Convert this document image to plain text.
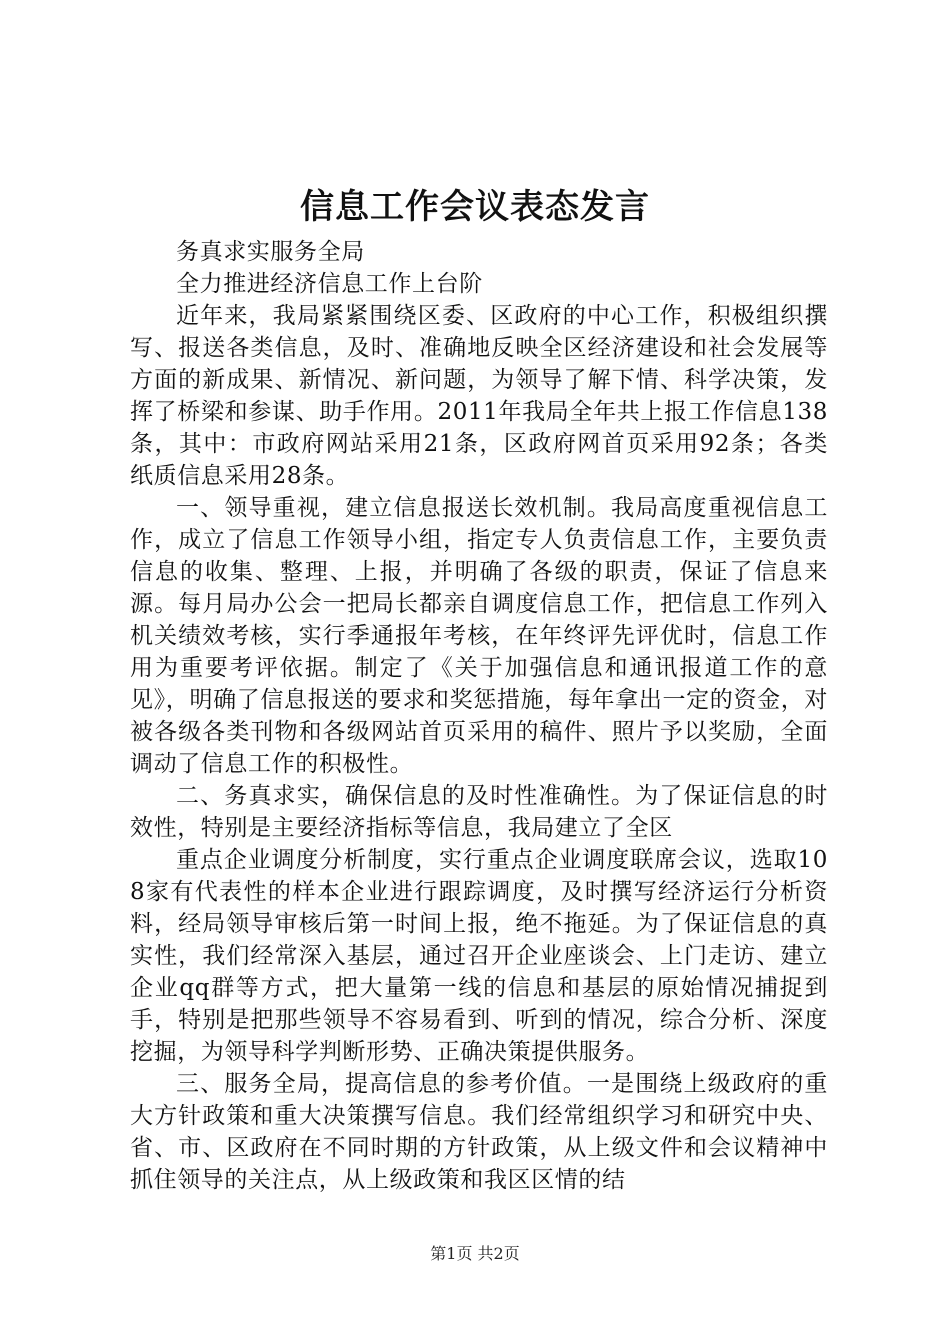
信息工作会议表态发言

务真求实服务全局

全力推进经济信息工作上台阶

近年来，我局紧紧围绕区委、区政府的中心工作，积极组织撰写、报送各类信息，及时、准确地反映全区经济建设和社会发展等方面的新成果、新情况、新问题，为领导了解下情、科学决策，发挥了桥梁和参谋、助手作用。2011年我局全年共上报工作信息138条，其中：市政府网站采用21条，区政府网首页采用92条；各类纸质信息采用28条。

一、领导重视，建立信息报送长效机制。我局高度重视信息工作，成立了信息工作领导小组，指定专人负责信息工作，主要负责信息的收集、整理、上报，并明确了各级的职责，保证了信息来源。每月局办公会一把局长都亲自调度信息工作，把信息工作列入机关绩效考核，实行季通报年考核，在年终评先评优时，信息工作用为重要考评依据。制定了《关于加强信息和通讯报道工作的意见》，明确了信息报送的要求和奖惩措施，每年拿出一定的资金，对被各级各类刊物和各级网站首页采用的稿件、照片予以奖励，全面调动了信息工作的积极性。

二、务真求实，确保信息的及时性准确性。为了保证信息的时效性，特别是主要经济指标等信息，我局建立了全区

重点企业调度分析制度，实行重点企业调度联席会议，选取108家有代表性的样本企业进行跟踪调度，及时撰写经济运行分析资料，经局领导审核后第一时间上报，绝不拖延。为了保证信息的真实性，我们经常深入基层，通过召开企业座谈会、上门走访、建立企业qq群等方式，把大量第一线的信息和基层的原始情况捕捉到手，特别是把那些领导不容易看到、听到的情况，综合分析、深度挖掘，为领导科学判断形势、正确决策提供服务。

三、服务全局，提高信息的参考价值。一是围绕上级政府的重大方针政策和重大决策撰写信息。我们经常组织学习和研究中央、省、市、区政府在不同时期的方针政策，从上级文件和会议精神中抓住领导的关注点，从上级政策和我区区情的结

第1页 共2页
